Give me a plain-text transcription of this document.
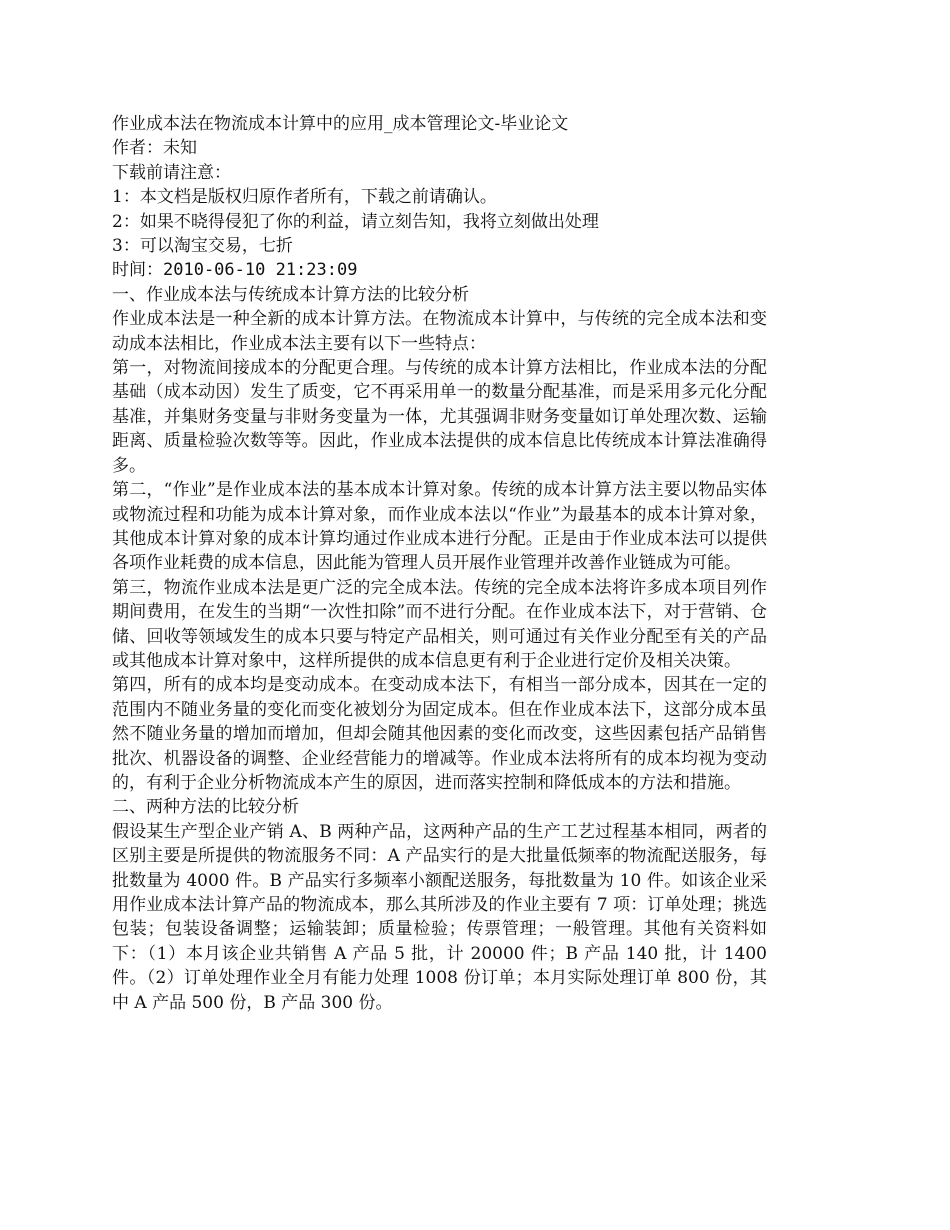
作业成本法在物流成本计算中的应用_成本管理论文-毕业论文
作者：未知
下载前请注意：
1：本文档是版权归原作者所有，下载之前请确认。
2：如果不晓得侵犯了你的利益，请立刻告知，我将立刻做出处理
3：可以淘宝交易，七折
时间：2010-06-10 21:23:09
一、作业成本法与传统成本计算方法的比较分析

作业成本法是一种全新的成本计算方法。在物流成本计算中，与传统的完全成本法和变动成本法相比，作业成本法主要有以下一些特点：

第一，对物流间接成本的分配更合理。与传统的成本计算方法相比，作业成本法的分配基础（成本动因）发生了质变，它不再采用单一的数量分配基准，而是采用多元化分配基准，并集财务变量与非财务变量为一体，尤其强调非财务变量如订单处理次数、运输距离、质量检验次数等等。因此，作业成本法提供的成本信息比传统成本计算法准确得多。

第二，“作业”是作业成本法的基本成本计算对象。传统的成本计算方法主要以物品实体或物流过程和功能为成本计算对象，而作业成本法以“作业”为最基本的成本计算对象，其他成本计算对象的成本计算均通过作业成本进行分配。正是由于作业成本法可以提供各项作业耗费的成本信息，因此能为管理人员开展作业管理并改善作业链成为可能。

第三，物流作业成本法是更广泛的完全成本法。传统的完全成本法将许多成本项目列作期间费用，在发生的当期“一次性扣除”而不进行分配。在作业成本法下，对于营销、仓储、回收等领域发生的成本只要与特定产品相关，则可通过有关作业分配至有关的产品或其他成本计算对象中，这样所提供的成本信息更有利于企业进行定价及相关决策。

第四，所有的成本均是变动成本。在变动成本法下，有相当一部分成本，因其在一定的范围内不随业务量的变化而变化被划分为固定成本。但在作业成本法下，这部分成本虽然不随业务量的增加而增加，但却会随其他因素的变化而改变，这些因素包括产品销售批次、机器设备的调整、企业经营能力的增减等。作业成本法将所有的成本均视为变动的，有利于企业分析物流成本产生的原因，进而落实控制和降低成本的方法和措施。

二、两种方法的比较分析

假设某生产型企业产销 A、B 两种产品，这两种产品的生产工艺过程基本相同，两者的区别主要是所提供的物流服务不同：A 产品实行的是大批量低频率的物流配送服务，每批数量为 4000 件。B 产品实行多频率小额配送服务，每批数量为 10 件。如该企业采用作业成本法计算产品的物流成本，那么其所涉及的作业主要有 7 项：订单处理；挑选包装；包装设备调整；运输装卸；质量检验；传票管理；一般管理。其他有关资料如下：（1）本月该企业共销售 A 产品 5 批，计 20000 件；B 产品 140 批，计 1400 件。（2）订单处理作业全月有能力处理 1008 份订单；本月实际处理订单 800 份，其中 A 产品 500 份，B 产品 300 份。
